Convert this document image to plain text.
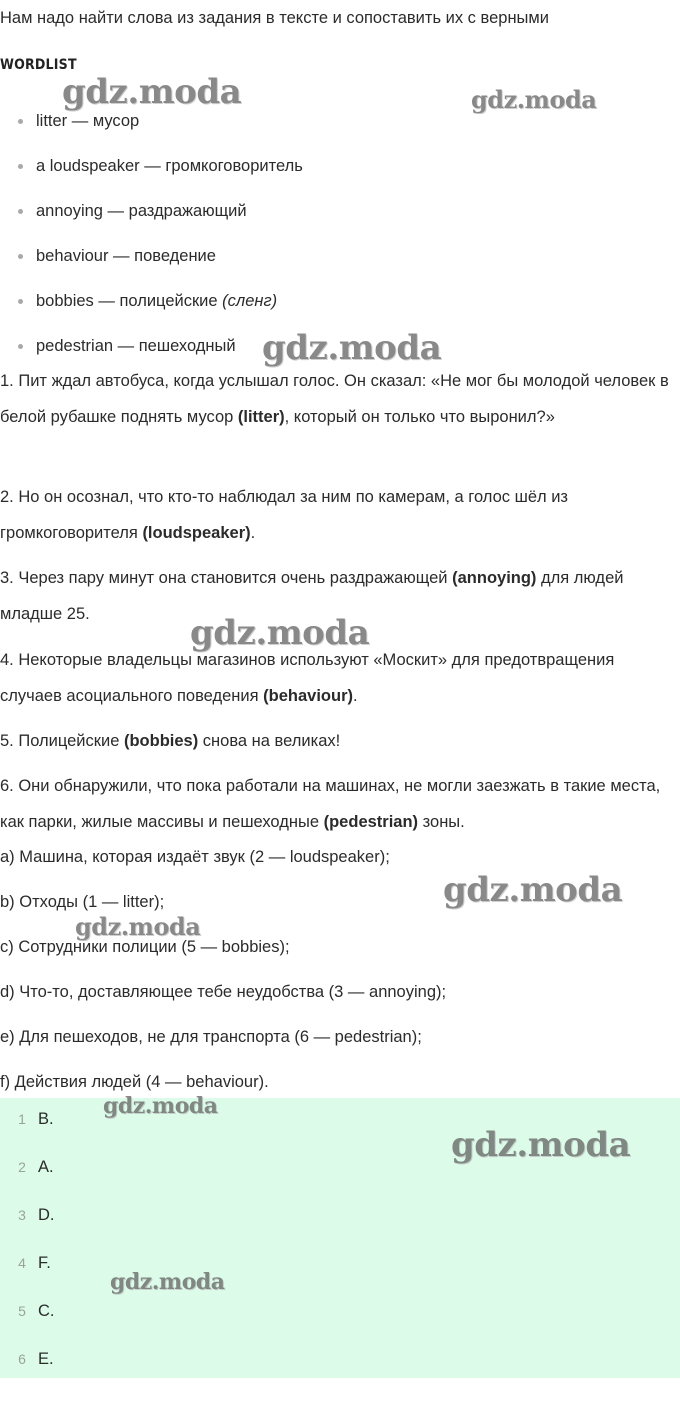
Нам надо найти слова из задания в тексте и сопоставить их с верными
WORDLIST
litter — мусор
a loudspeaker — громкоговоритель
annoying — раздражающий
behaviour — поведение
bobbies — полицейские (сленг)
pedestrian — пешеходный
1. Пит ждал автобуса, когда услышал голос. Он сказал: «Не мог бы молодой человек в белой рубашке поднять мусор (litter), который он только что выронил?»
2. Но он осознал, что кто-то наблюдал за ним по камерам, а голос шёл из громкоговорителя (loudspeaker).
3. Через пару минут она становится очень раздражающей (annoying) для людей младше 25.
4. Некоторые владельцы магазинов используют «Москит» для предотвращения случаев асоциального поведения (behaviour).
5. Полицейские (bobbies) снова на великах!
6. Они обнаружили, что пока работали на машинах, не могли заезжать в такие места, как парки, жилые массивы и пешеходные (pedestrian) зоны.
a) Машина, которая издаёт звук (2 — loudspeaker);
b) Отходы (1 — litter);
c) Сотрудники полиции (5 — bobbies);
d) Что-то, доставляющее тебе неудобства (3 — annoying);
e) Для пешеходов, не для транспорта (6 — pedestrian);
f) Действия людей (4 — behaviour).
1 B.
2 A.
3 D.
4 F.
5 C.
6 E.
gdz.moda	gdz.moda
gdz.moda
gdz.moda
gdz.moda
gdz.moda
gdz.moda
gdz.moda
gdz.moda
